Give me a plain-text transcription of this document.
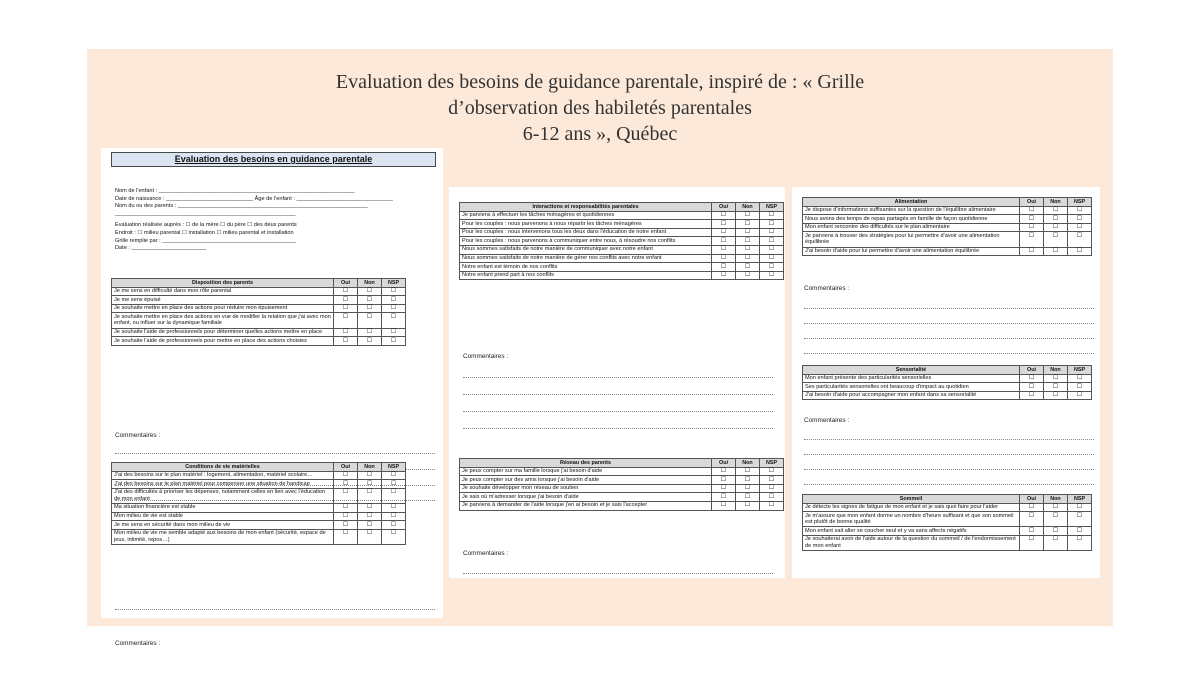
Evaluation des besoins de guidance parentale, inspiré de : « Grille
d’observation des habiletés parentales
6-12 ans », Québec
Evaluation des besoins en guidance parentale
Nom de l'enfant : _______________________________________________________________
Date de naissance : ____________________________ Âge de l'enfant : _______________________________
Nom du ou des parents : _____________________________________________________________
__________________________________________________________
Evaluation réalisée auprès : ☐ de la mère ☐ du père ☐ des deux parents
Endroit : ☐ milieu parental ☐ installation ☐ milieu parental et installation
Grille remplie par : ___________________________________________
Date : ________________________
Disposition des parents	Oui	Non	NSP
Je me sens en difficulté dans mon rôle parental	☐	☐	☐
Je me sens épuisé	☐	☐	☐
Je souhaite mettre en place des actions pour réduire mon épuisement	☐	☐	☐
Je souhaite mettre en place des actions en vue de modifier la relation que j'ai avec mon enfant, ou influer sur la dynamique familiale	☐	☐	☐
Je souhaite l'aide de professionnels pour déterminer quelles actions mettre en place	☐	☐	☐
Je souhaite l'aide de professionnels pour mettre en place des actions choisies	☐	☐	☐
Commentaires :
Conditions de vie matérielles	Oui	Non	NSP
J'ai des besoins sur le plan matériel : logement, alimentation, matériel scolaire…	☐	☐	☐
J'ai des besoins sur le plan matériel pour compenser une situation de handicap	☐	☐	☐
J'ai des difficultés à prioriser les dépenses, notamment celles en lien avec l'éducation de mon enfant	☐	☐	☐
Ma situation financière est stable	☐	☐	☐
Mon milieu de vie est stable	☐	☐	☐
Je me sens en sécurité dans mon milieu de vie	☐	☐	☐
Mon milieu de vie me semble adapté aux besoins de mon enfant (sécurité, espace de jeux, intimité, repos…)	☐	☐	☐
Commentaires :
Interactions et responsabilités parentales	Oui	Non	NSP
Je parviens à effectuer les tâches ménagères et quotidiennes	☐	☐	☐
Pour les couples : nous parvenons à nous répartir les tâches ménagères	☐	☐	☐
Pour les couples : nous intervenons tous les deux dans l'éducation de notre enfant	☐	☐	☐
Pour les couples : nous parvenons à communiquer entre nous, à résoudre nos conflits	☐	☐	☐
Nous sommes satisfaits de notre manière de communiquer avec notre enfant	☐	☐	☐
Nous sommes satisfaits de notre manière de gérer nos conflits avec notre enfant	☐	☐	☐
Notre enfant est témoin de nos conflits	☐	☐	☐
Notre enfant prend part à nos conflits	☐	☐	☐
Commentaires :
Réseau des parents	Oui	Non	NSP
Je peux compter sur ma famille lorsque j'ai besoin d'aide	☐	☐	☐
Je peux compter sur des amis lorsque j'ai besoin d'aide	☐	☐	☐
Je souhaite développer mon réseau de soutien	☐	☐	☐
Je sais où m'adresser lorsque j'ai besoin d'aide	☐	☐	☐
Je parviens à demander de l'aide lorsque j'en ai besoin et je sais l'accepter	☐	☐	☐
Commentaires :
Alimentation	Oui	Non	NSP
Je dispose d'informations suffisantes sur la question de l'équilibre alimentaire	☐	☐	☐
Nous avons des temps de repas partagés en famille de façon quotidienne	☐	☐	☐
Mon enfant rencontre des difficultés sur le plan alimentaire	☐	☐	☐
Je parviens à trouver des stratégies pour lui permettre d'avoir une alimentation équilibrée	☐	☐	☐
J'ai besoin d'aide pour lui permettre d'avoir une alimentation équilibrée	☐	☐	☐
Commentaires :
Sensorialité	Oui	Non	NSP
Mon enfant présente des particularités sensorielles	☐	☐	☐
Ses particularités sensorielles ont beaucoup d'impact au quotidien	☐	☐	☐
J'ai besoin d'aide pour accompagner mon enfant dans sa sensorialité	☐	☐	☐
Commentaires :
Sommeil	Oui	Non	NSP
Je détecte les signes de fatigue de mon enfant et je sais quoi faire pour l'aider	☐	☐	☐
Je m'assure que mon enfant dorme un nombre d'heure suffisant et que son sommeil est plutôt de bonne qualité	☐	☐	☐
Mon enfant sait aller se coucher seul et y va sans affects négatifs	☐	☐	☐
Je souhaiterai avoir de l'aide autour de la question du sommeil / de l'endormissement de mon enfant	☐	☐	☐
